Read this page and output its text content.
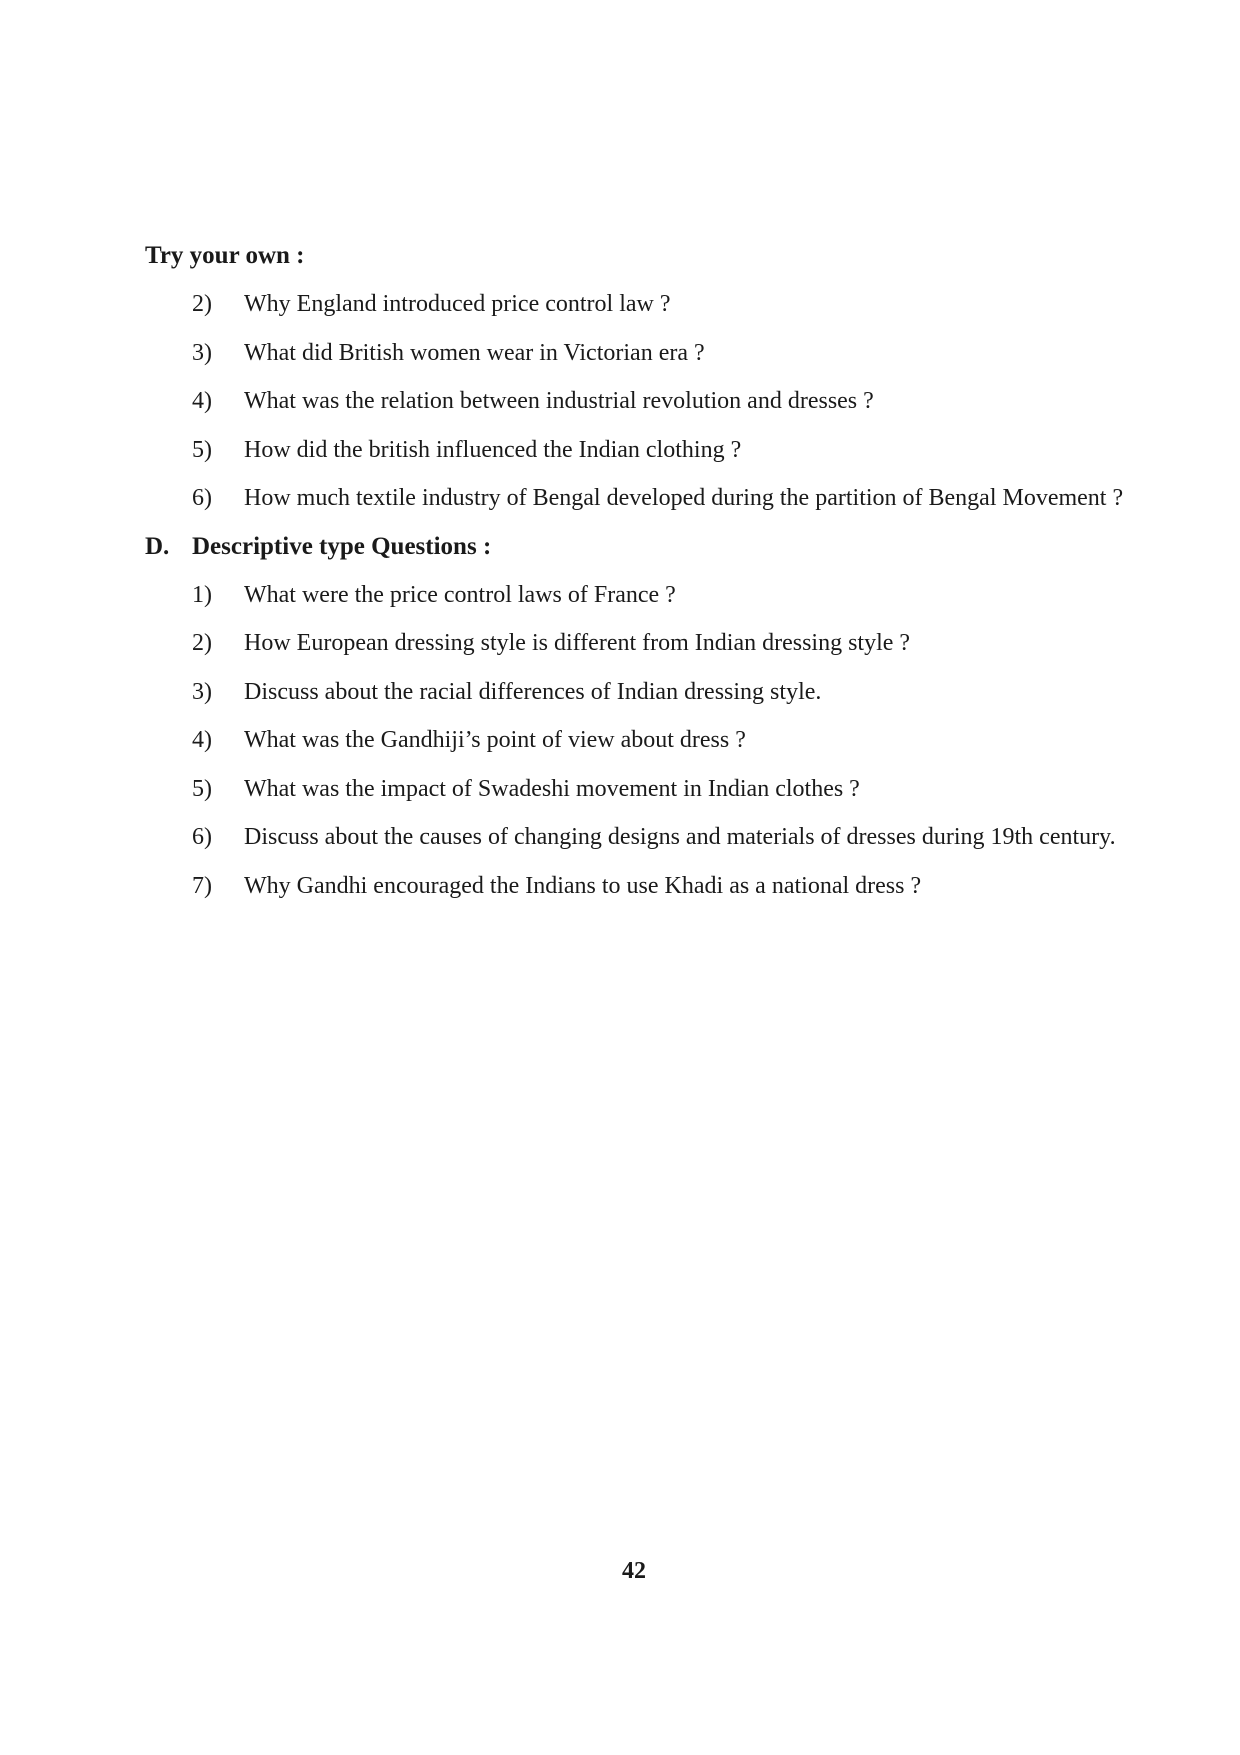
Try your own :
2)	Why England introduced price control law ?
3)	What did British women wear in Victorian era ?
4)	What was the relation between industrial revolution and dresses ?
5)	How did the british influenced the Indian clothing ?
6)	How much textile industry of Bengal developed during the partition of Bengal Movement ?
D. Descriptive type Questions :
1)	What were the price control laws of France ?
2)	How European dressing style is different from Indian dressing style ?
3)	Discuss about the racial differences of Indian dressing style.
4)	What was the Gandhiji’s point of view about dress ?
5)	What was the impact of Swadeshi movement in Indian clothes ?
6)	Discuss about the causes of changing designs and materials of dresses during 19th century.
7)	Why Gandhi encouraged the Indians to use Khadi as a national dress ?
42
